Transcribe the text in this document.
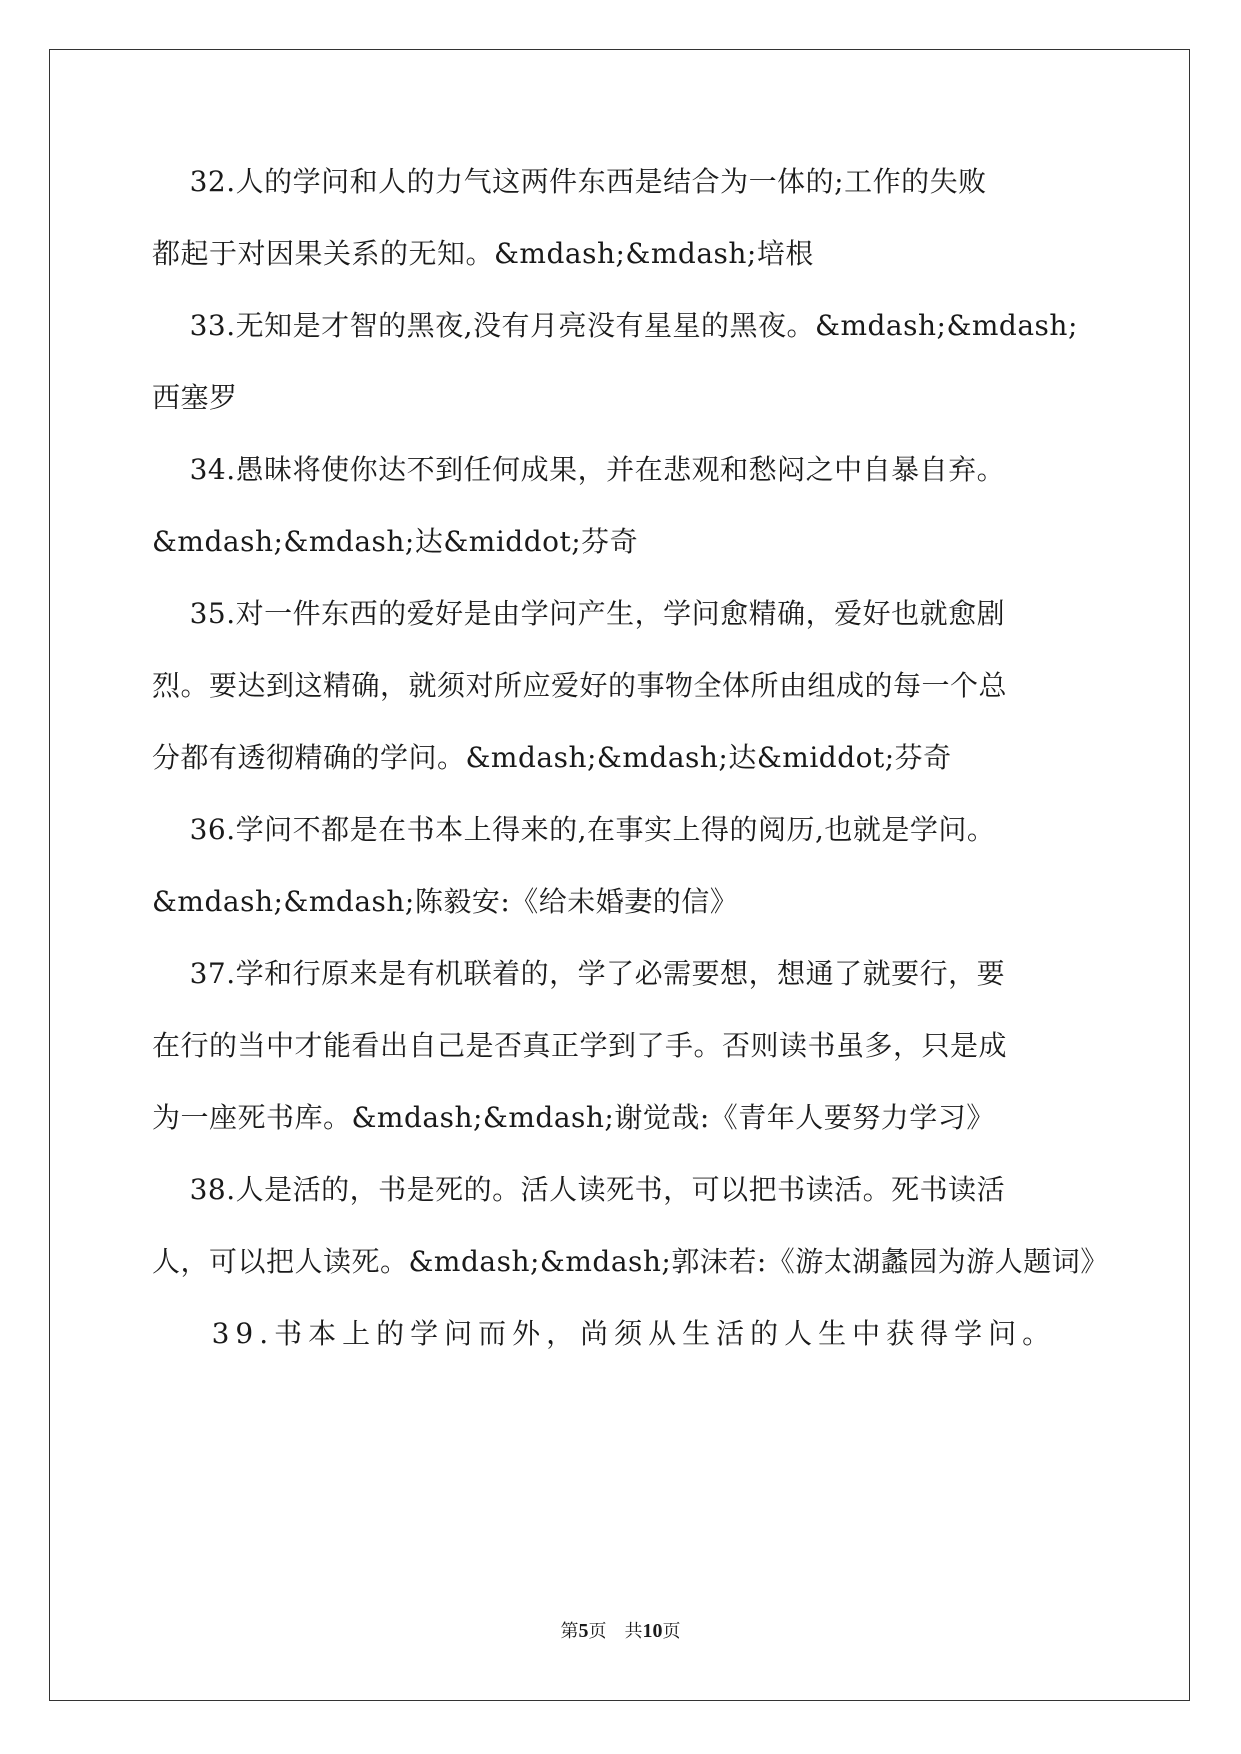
32.人的学问和人的力气这两件东西是结合为一体的;工作的失败
都起于对因果关系的无知。&mdash;&mdash;培根
33.无知是才智的黑夜,没有月亮没有星星的黑夜。&mdash;&mdash;
西塞罗
34.愚昧将使你达不到任何成果，并在悲观和愁闷之中自暴自弃。
&mdash;&mdash;达&middot;芬奇
35.对一件东西的爱好是由学问产生，学问愈精确，爱好也就愈剧
烈。要达到这精确，就须对所应爱好的事物全体所由组成的每一个总
分都有透彻精确的学问。&mdash;&mdash;达&middot;芬奇
36.学问不都是在书本上得来的,在事实上得的阅历,也就是学问。
&mdash;&mdash;陈毅安:《给未婚妻的信》
37.学和行原来是有机联着的，学了必需要想，想通了就要行，要
在行的当中才能看出自己是否真正学到了手。否则读书虽多，只是成
为一座死书库。&mdash;&mdash;谢觉哉:《青年人要努力学习》
38.人是活的，书是死的。活人读死书，可以把书读活。死书读活
人，可以把人读死。&mdash;&mdash;郭沫若:《游太湖蠡园为游人题词》
39.书本上的学问而外，尚须从生活的人生中获得学问。
第5页　共10页
